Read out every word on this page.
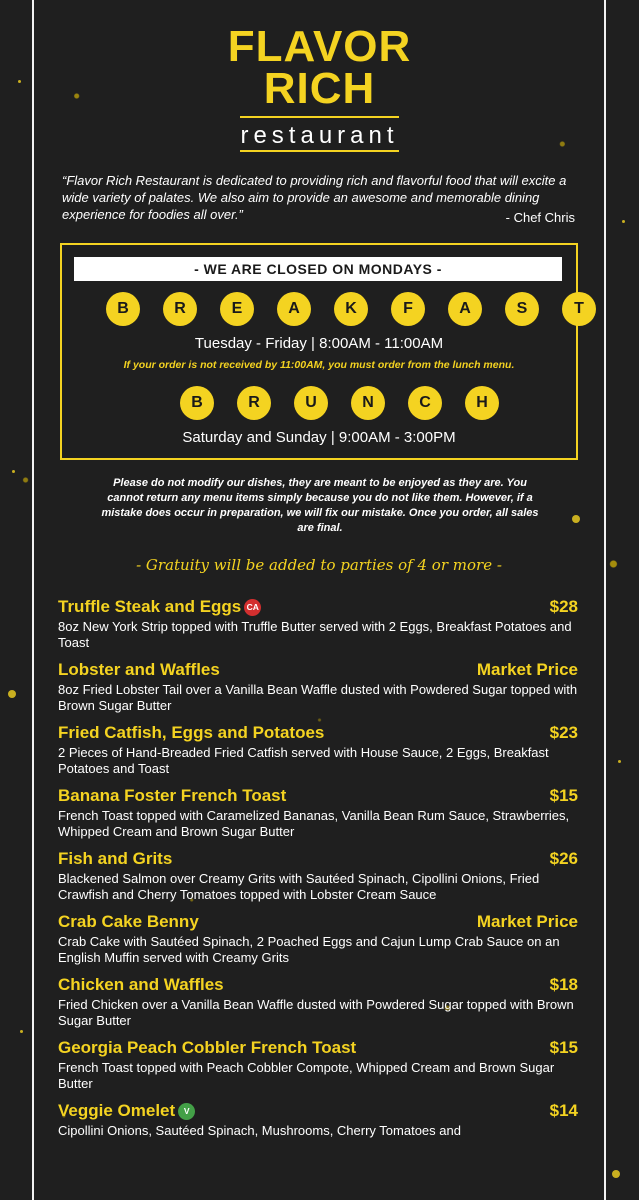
FLAVOR
RICH
restaurant
“Flavor Rich Restaurant is dedicated to providing rich and flavorful food that will excite a wide variety of palates. We also aim to provide an awesome and memorable dining experience for foodies all over.”	- Chef Chris
- WE ARE CLOSED ON MONDAYS -
B	R	E	A	K	F	A	S	T
Tuesday - Friday | 8:00AM - 11:00AM
If your order is not received by 11:00AM, you must order from the lunch menu.
B	R	U	N	C	H
Saturday and Sunday | 9:00AM - 3:00PM
Please do not modify our dishes, they are meant to be enjoyed as they are. You cannot return any menu items simply because you do not like them. However, if a mistake does occur in preparation, we will fix our mistake. Once you order, all sales are final.
- Gratuity will be added to parties of 4 or more -
Truffle Steak and Eggs CA	$28
8oz New York Strip topped with Truffle Butter served with 2 Eggs, Breakfast Potatoes and Toast
Lobster and Waffles	Market Price
8oz Fried Lobster Tail over a Vanilla Bean Waffle dusted with Powdered Sugar topped with Brown Sugar Butter
Fried Catfish, Eggs and Potatoes	$23
2 Pieces of Hand-Breaded Fried Catfish served with House Sauce, 2 Eggs, Breakfast Potatoes and Toast
Banana Foster French Toast	$15
French Toast topped with Caramelized Bananas, Vanilla Bean Rum Sauce, Strawberries, Whipped Cream and Brown Sugar Butter
Fish and Grits	$26
Blackened Salmon over Creamy Grits with Sautéed Spinach, Cipollini Onions, Fried Crawfish and Cherry Tomatoes topped with Lobster Cream Sauce
Crab Cake Benny	Market Price
Crab Cake with Sautéed Spinach, 2 Poached Eggs and Cajun Lump Crab Sauce on an English Muffin served with Creamy Grits
Chicken and Waffles	$18
Fried Chicken over a Vanilla Bean Waffle dusted with Powdered Sugar topped with Brown Sugar Butter
Georgia Peach Cobbler French Toast	$15
French Toast topped with Peach Cobbler Compote, Whipped Cream and Brown Sugar Butter
Veggie Omelet	V	$14
Cipollini Onions, Sautéed Spinach, Mushrooms, Cherry Tomatoes and
